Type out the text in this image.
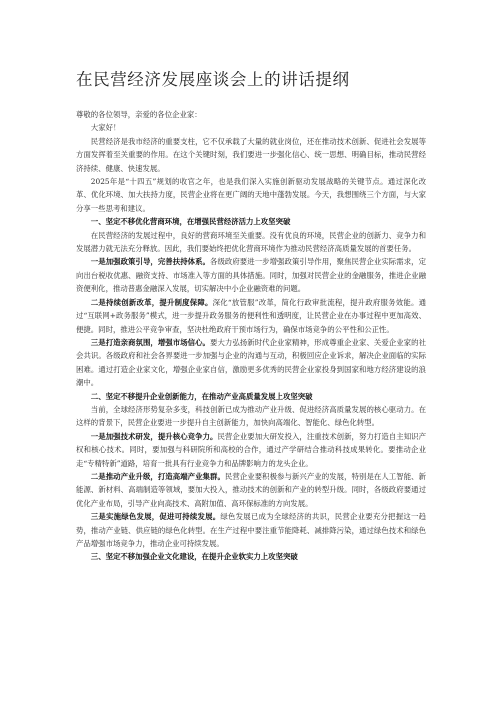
在民营经济发展座谈会上的讲话提纲

尊敬的各位领导，亲爱的各位企业家：

大家好！

民营经济是我市经济的重要支柱，它不仅承载了大量的就业岗位，还在推动技术创新、促进社会发展等方面发挥着至关重要的作用。在这个关键时刻，我们要进一步强化信心、统一思想、明确目标，推动民营经济持续、健康、快速发展。

2025年是“十四五”规划的收官之年，也是我们深入实施创新驱动发展战略的关键节点。通过深化改革、优化环境、加大扶持力度，民营企业将在更广阔的天地中蓬勃发展。今天，我想围绕三个方面，与大家分享一些思考和建议。

一、坚定不移优化营商环境，在增强民营经济活力上攻坚突破

在民营经济的发展过程中，良好的营商环境至关重要。没有优良的环境，民营企业的创新力、竞争力和发展潜力就无法充分释放。因此，我们要始终把优化营商环境作为推动民营经济高质量发展的首要任务。

一是加强政策引导，完善扶持体系。各级政府要进一步增强政策引导作用，聚焦民营企业实际需求，定向出台税收优惠、融资支持、市场准入等方面的具体措施。同时，加强对民营企业的金融服务，推进企业融资便利化，推动普惠金融深入发展，切实解决中小企业融资难的问题。

二是持续创新改革，提升制度保障。深化“放管服”改革，简化行政审批流程，提升政府服务效能。通过“互联网+政务服务”模式，进一步提升政务服务的便利性和透明度，让民营企业在办事过程中更加高效、便捷。同时，推进公平竞争审查，坚决杜绝政府干预市场行为，确保市场竞争的公平性和公正性。

三是打造亲商氛围，增强市场信心。要大力弘扬新时代企业家精神，形成尊重企业家、关爱企业家的社会共识。各级政府和社会各界要进一步加强与企业的沟通与互动，积极回应企业诉求，解决企业面临的实际困难。通过打造企业家文化，增强企业家自信，激励更多优秀的民营企业家投身到国家和地方经济建设的浪潮中。

二、坚定不移提升企业创新能力，在推动产业高质量发展上攻坚突破

当前，全球经济形势复杂多变，科技创新已成为推动产业升级、促进经济高质量发展的核心驱动力。在这样的背景下，民营企业要进一步提升自主创新能力，加快向高端化、智能化、绿色化转型。

一是加强技术研发，提升核心竞争力。民营企业要加大研发投入，注重技术创新，努力打造自主知识产权和核心技术。同时，要加强与科研院所和高校的合作，通过产学研结合推动科技成果转化。要推动企业走“专精特新”道路，培育一批具有行业竞争力和品牌影响力的龙头企业。

二是推动产业升级，打造高端产业集群。民营企业要积极参与新兴产业的发展，特别是在人工智能、新能源、新材料、高端制造等领域，要加大投入，推动技术的创新和产业的转型升级。同时，各级政府要通过优化产业布局，引导产业向高技术、高附加值、高环保标准的方向发展。

三是实施绿色发展，促进可持续发展。绿色发展已成为全球经济的共识，民营企业要充分把握这一趋势，推动产业链、供应链的绿色化转型。在生产过程中要注重节能降耗、减排降污染，通过绿色技术和绿色产品增强市场竞争力，推动企业可持续发展。

三、坚定不移加强企业文化建设，在提升企业软实力上攻坚突破
